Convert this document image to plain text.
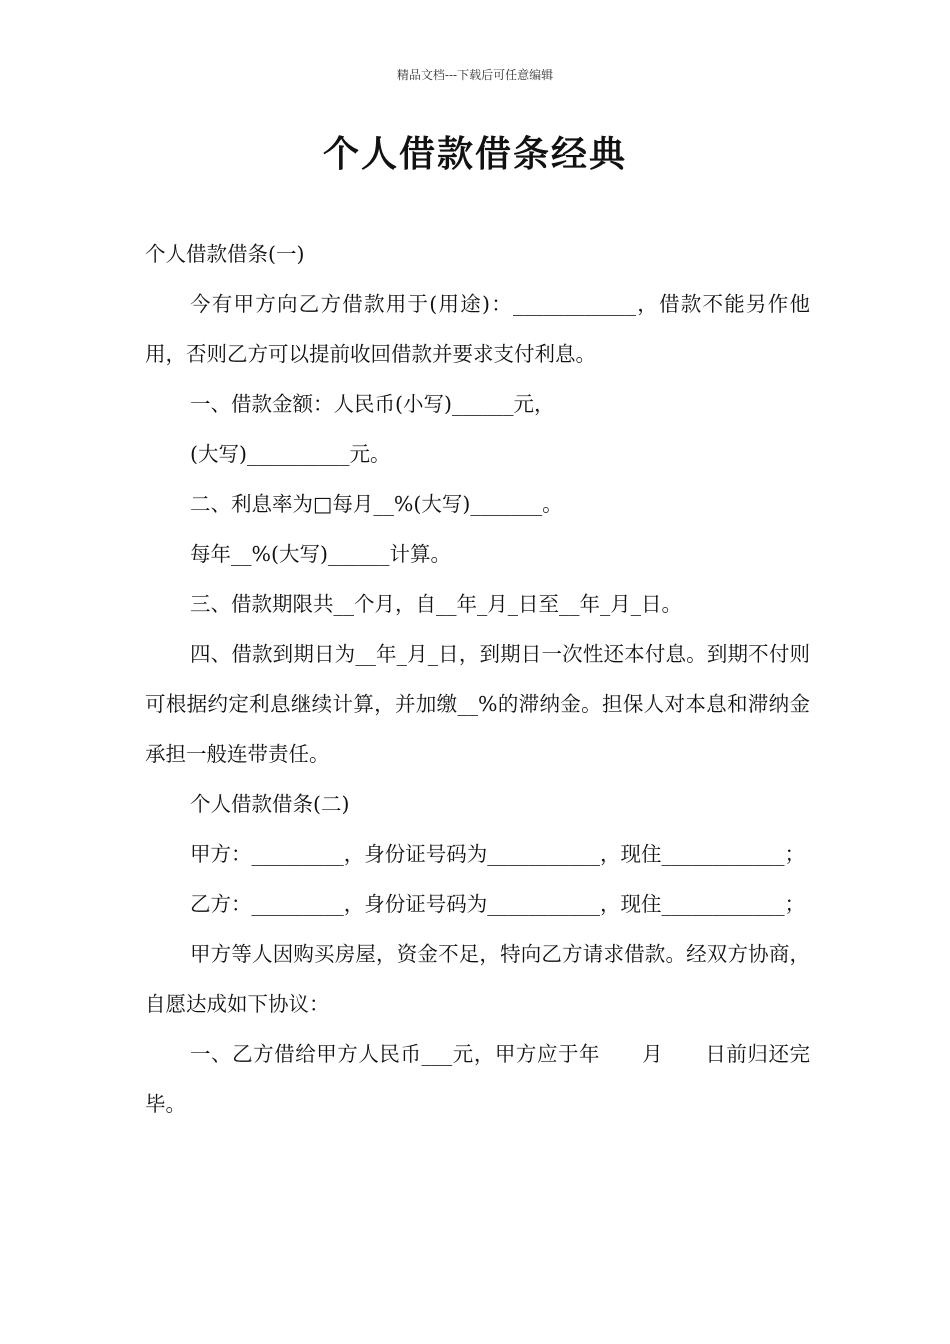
精品文档---下载后可任意编辑
个人借款借条经典

个人借款借条(一)

今有甲方向乙方借款用于(用途)：____________，借款不能另作他用，否则乙方可以提前收回借款并要求支付利息。

一、借款金额：人民币(小写)______元，

(大写)__________元。

二、利息率为□每月__%(大写)_______。

每年__%(大写)______计算。

三、借款期限共__个月，自__年_月_日至__年_月_日。

四、借款到期日为__年_月_日，到期日一次性还本付息。到期不付则可根据约定利息继续计算，并加缴__%的滞纳金。担保人对本息和滞纳金承担一般连带责任。

个人借款借条(二)

甲方：_________，身份证号码为___________，现住____________；

乙方：_________，身份证号码为___________，现住____________；

甲方等人因购买房屋，资金不足，特向乙方请求借款。经双方协商，自愿达成如下协议：

一、乙方借给甲方人民币___元，甲方应于年　　月　　日前归还完毕。
